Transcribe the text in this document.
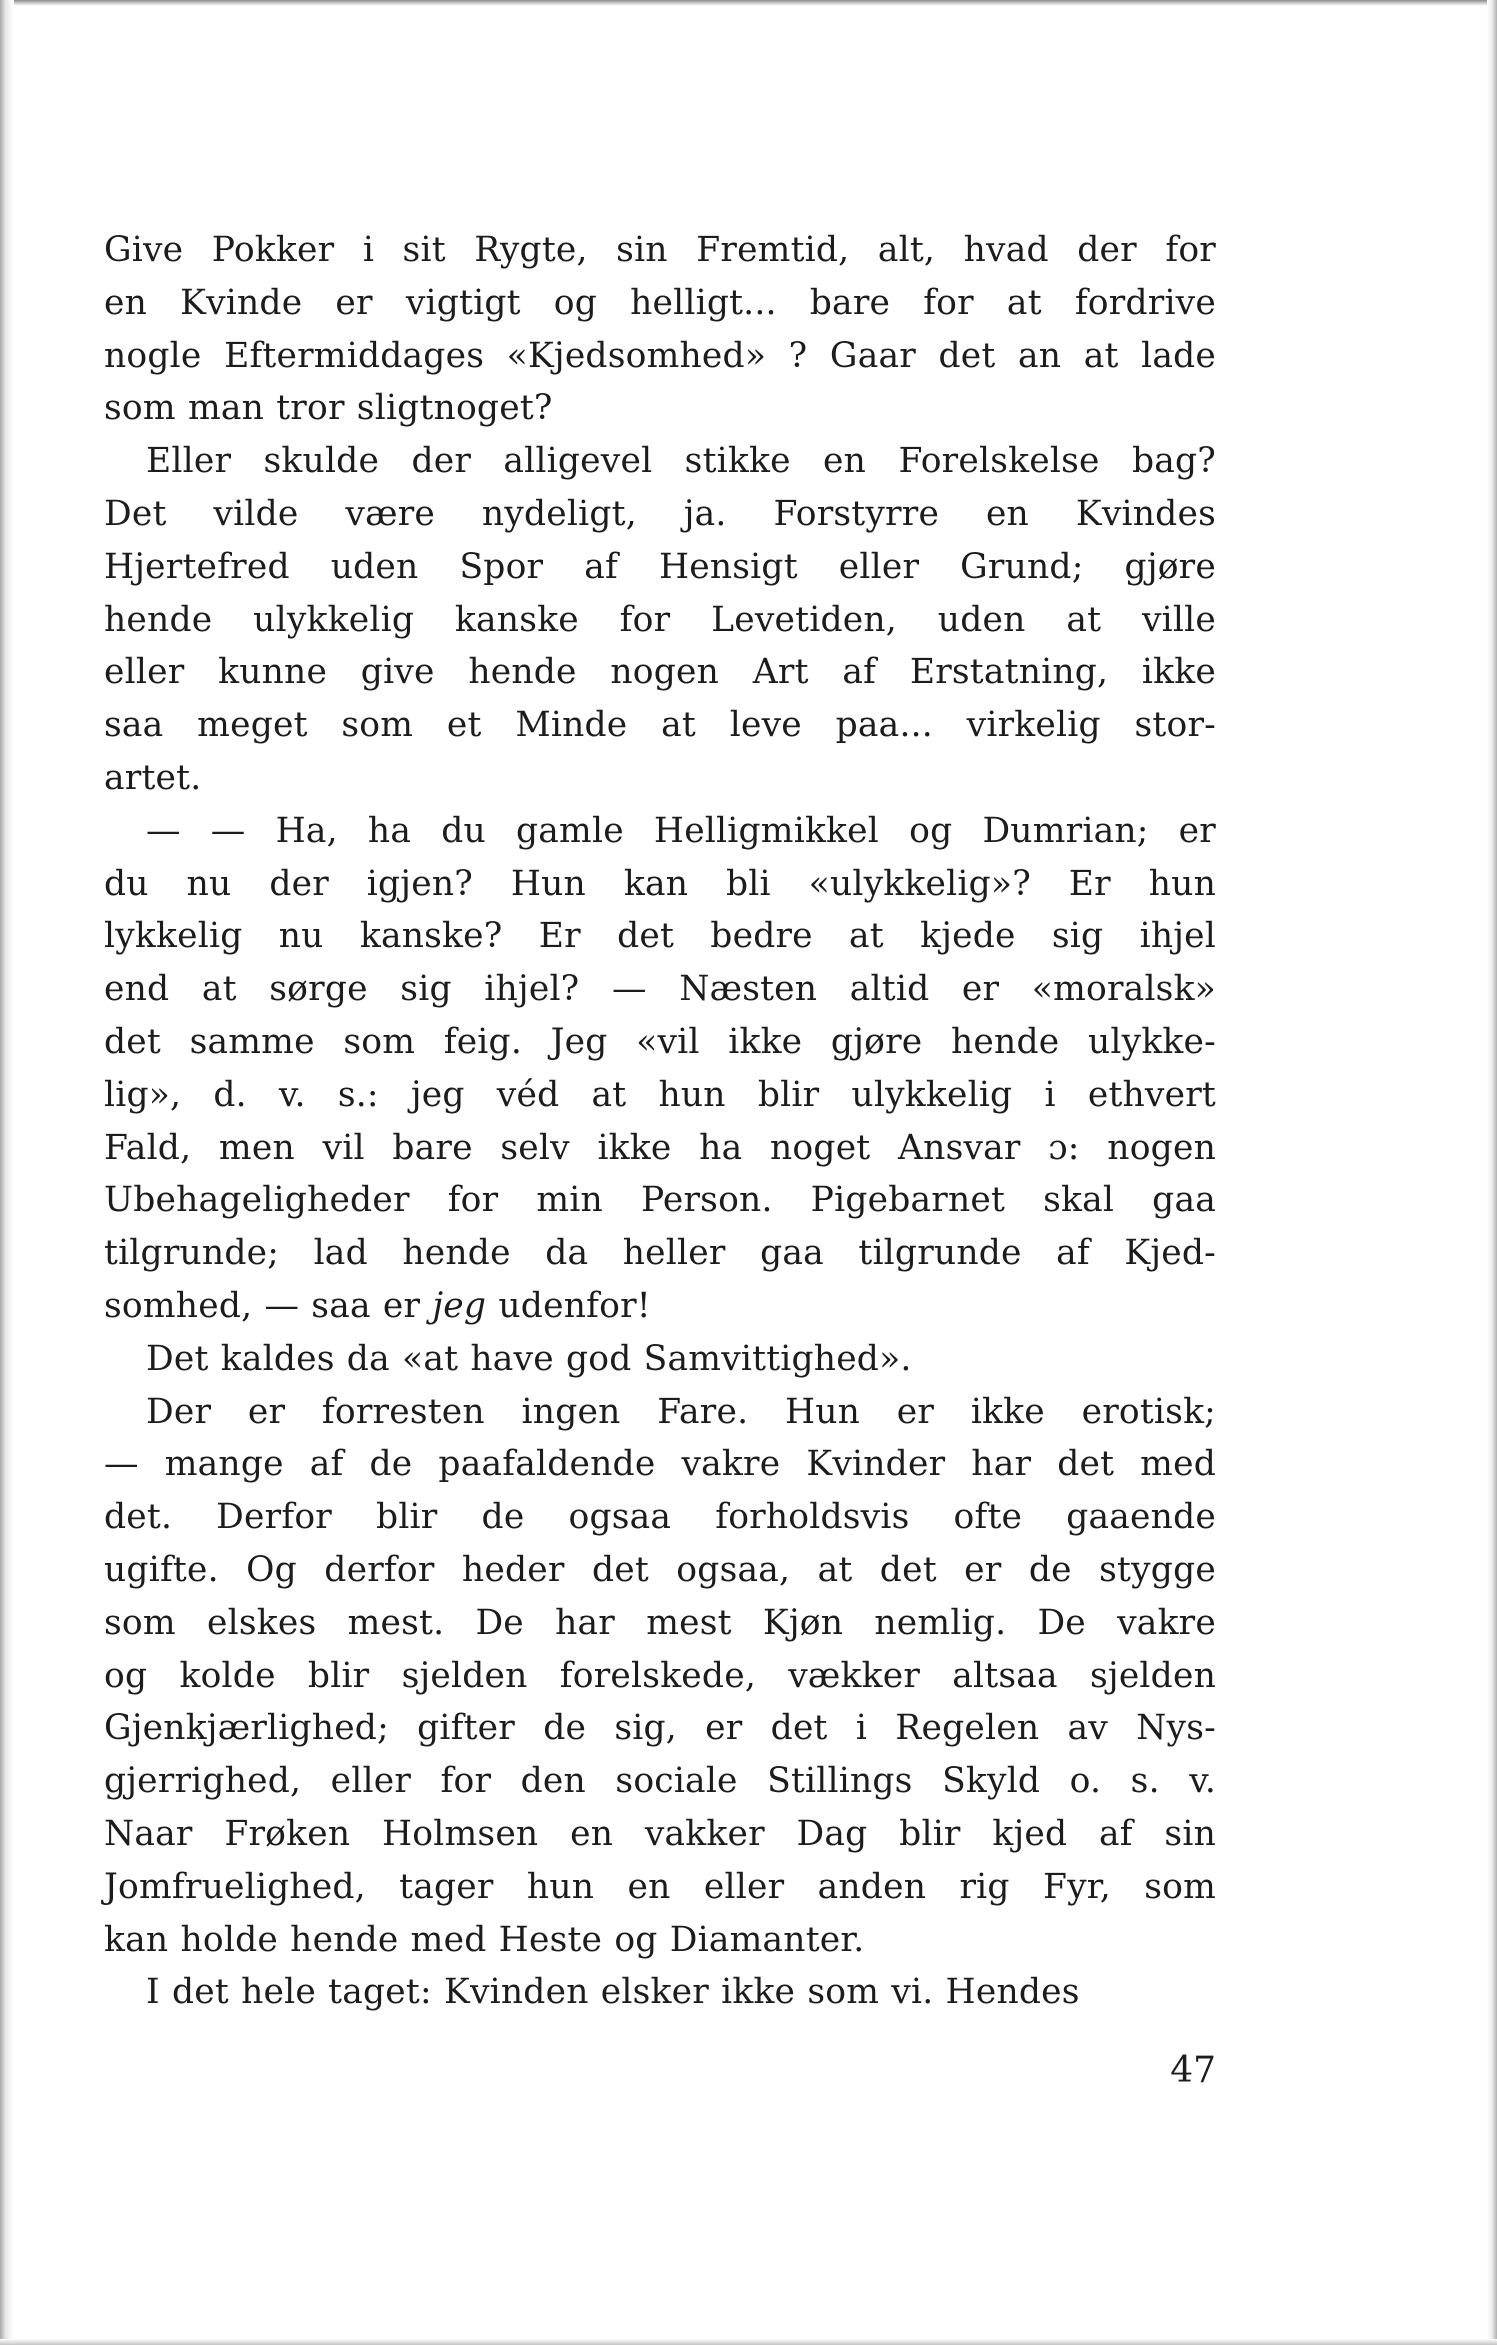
Give Pokker i sit Rygte, sin Fremtid, alt, hvad der for
en Kvinde er vigtigt og helligt... bare for at fordrive
nogle Eftermiddages «Kjedsomhed» ? Gaar det an at lade
som man tror sligtnoget?
Eller skulde der alligevel stikke en Forelskelse bag?
Det vilde være nydeligt, ja. Forstyrre en Kvindes
Hjertefred uden Spor af Hensigt eller Grund; gjøre
hende ulykkelig kanske for Levetiden, uden at ville
eller kunne give hende nogen Art af Erstatning, ikke
saa meget som et Minde at leve paa... virkelig stor-
artet.
— — Ha, ha du gamle Helligmikkel og Dumrian; er
du nu der igjen? Hun kan bli «ulykkelig»? Er hun
lykkelig nu kanske? Er det bedre at kjede sig ihjel
end at sørge sig ihjel? — Næsten altid er «moralsk»
det samme som feig. Jeg «vil ikke gjøre hende ulykke-
lig», d. v. s.: jeg véd at hun blir ulykkelig i ethvert
Fald, men vil bare selv ikke ha noget Ansvar ɔ: nogen
Ubehageligheder for min Person. Pigebarnet skal gaa
tilgrunde; lad hende da heller gaa tilgrunde af Kjed-
somhed, — saa er jeg udenfor!
Det kaldes da «at have god Samvittighed».
Der er forresten ingen Fare. Hun er ikke erotisk;
— mange af de paafaldende vakre Kvinder har det med
det. Derfor blir de ogsaa forholdsvis ofte gaaende
ugifte. Og derfor heder det ogsaa, at det er de stygge
som elskes mest. De har mest Kjøn nemlig. De vakre
og kolde blir sjelden forelskede, vækker altsaa sjelden
Gjenkjærlighed; gifter de sig, er det i Regelen av Nys-
gjerrighed, eller for den sociale Stillings Skyld o. s. v.
Naar Frøken Holmsen en vakker Dag blir kjed af sin
Jomfruelighed, tager hun en eller anden rig Fyr, som
kan holde hende med Heste og Diamanter.
I det hele taget: Kvinden elsker ikke som vi. Hendes
47
